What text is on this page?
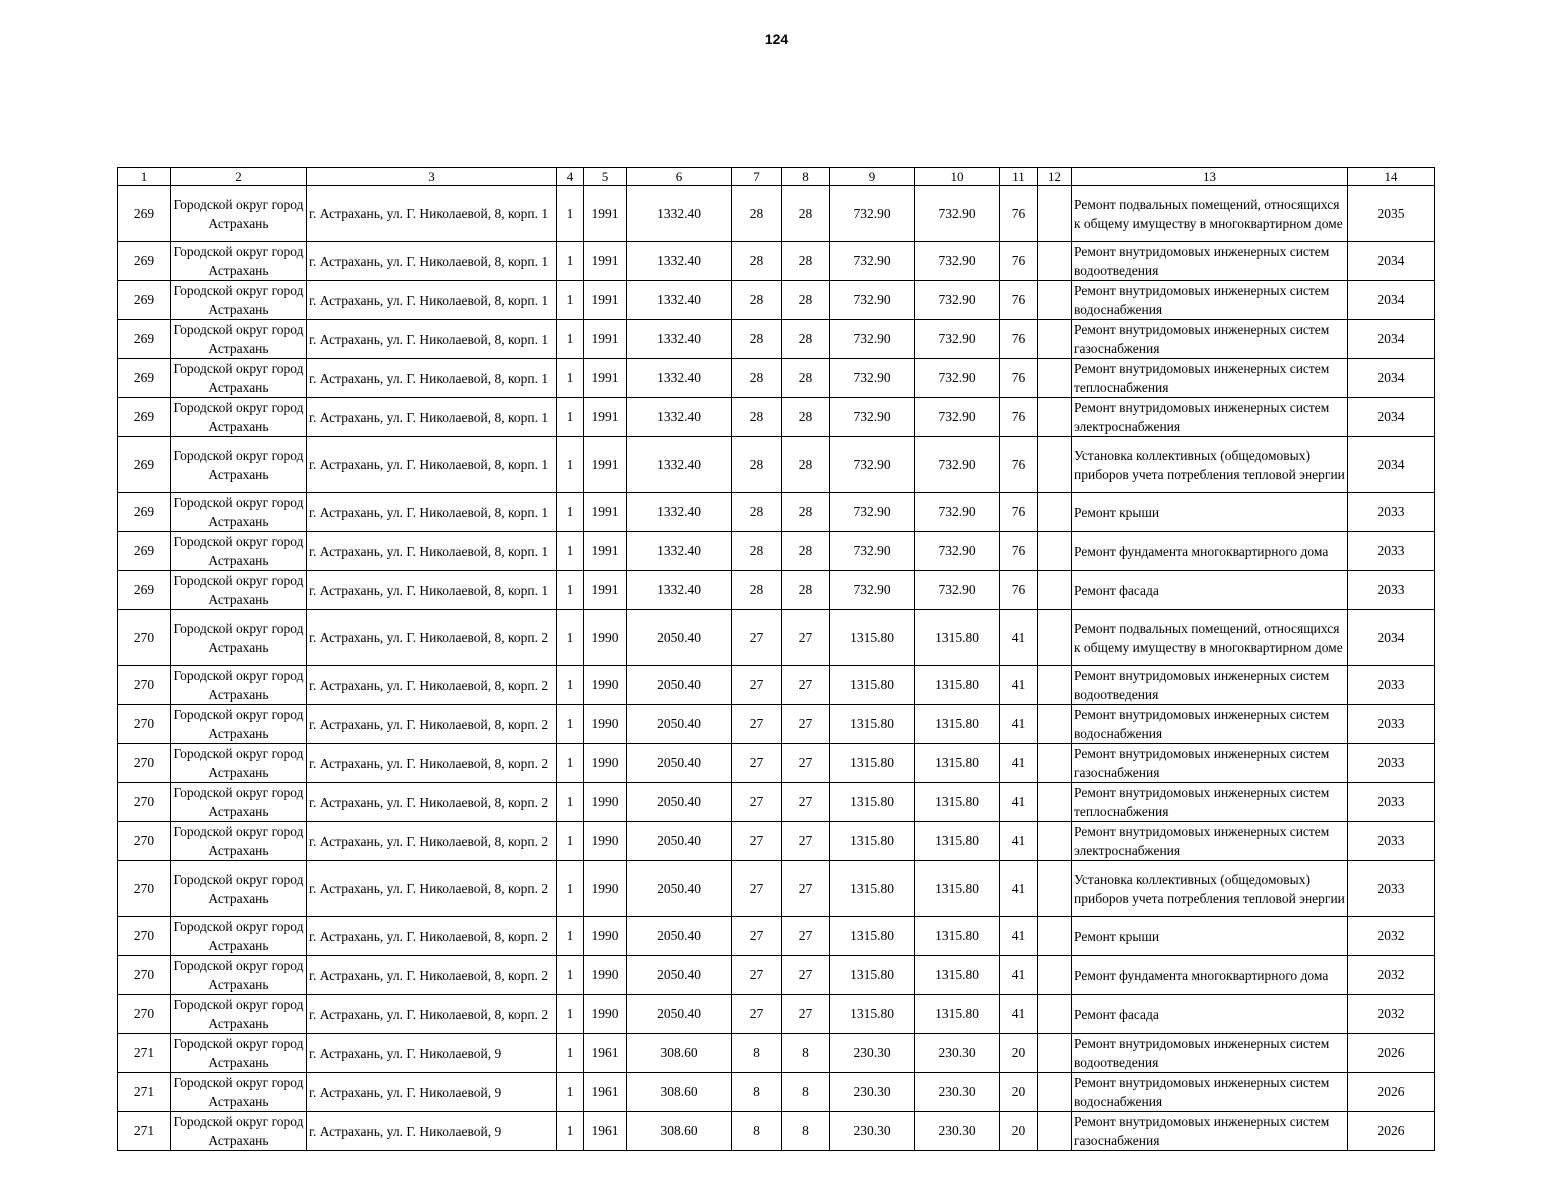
124
1	2	3	4	5	6	7	8	9	10	11	12	13	14
269	Городской округ город Астрахань	г. Астрахань, ул. Г. Николаевой, 8, корп. 1	1	1991	1332.40	28	28	732.90	732.90	76		Ремонт подвальных помещений, относящихся к общему имуществу в многоквартирном доме	2035
269	Городской округ город Астрахань	г. Астрахань, ул. Г. Николаевой, 8, корп. 1	1	1991	1332.40	28	28	732.90	732.90	76		Ремонт внутридомовых инженерных систем водоотведения	2034
269	Городской округ город Астрахань	г. Астрахань, ул. Г. Николаевой, 8, корп. 1	1	1991	1332.40	28	28	732.90	732.90	76		Ремонт внутридомовых инженерных систем водоснабжения	2034
269	Городской округ город Астрахань	г. Астрахань, ул. Г. Николаевой, 8, корп. 1	1	1991	1332.40	28	28	732.90	732.90	76		Ремонт внутридомовых инженерных систем газоснабжения	2034
269	Городской округ город Астрахань	г. Астрахань, ул. Г. Николаевой, 8, корп. 1	1	1991	1332.40	28	28	732.90	732.90	76		Ремонт внутридомовых инженерных систем теплоснабжения	2034
269	Городской округ город Астрахань	г. Астрахань, ул. Г. Николаевой, 8, корп. 1	1	1991	1332.40	28	28	732.90	732.90	76		Ремонт внутридомовых инженерных систем электроснабжения	2034
269	Городской округ город Астрахань	г. Астрахань, ул. Г. Николаевой, 8, корп. 1	1	1991	1332.40	28	28	732.90	732.90	76		Установка коллективных (общедомовых) приборов учета потребления тепловой энергии	2034
269	Городской округ город Астрахань	г. Астрахань, ул. Г. Николаевой, 8, корп. 1	1	1991	1332.40	28	28	732.90	732.90	76		Ремонт крыши	2033
269	Городской округ город Астрахань	г. Астрахань, ул. Г. Николаевой, 8, корп. 1	1	1991	1332.40	28	28	732.90	732.90	76		Ремонт фундамента многоквартирного дома	2033
269	Городской округ город Астрахань	г. Астрахань, ул. Г. Николаевой, 8, корп. 1	1	1991	1332.40	28	28	732.90	732.90	76		Ремонт фасада	2033
270	Городской округ город Астрахань	г. Астрахань, ул. Г. Николаевой, 8, корп. 2	1	1990	2050.40	27	27	1315.80	1315.80	41		Ремонт подвальных помещений, относящихся к общему имуществу в многоквартирном доме	2034
270	Городской округ город Астрахань	г. Астрахань, ул. Г. Николаевой, 8, корп. 2	1	1990	2050.40	27	27	1315.80	1315.80	41		Ремонт внутридомовых инженерных систем водоотведения	2033
270	Городской округ город Астрахань	г. Астрахань, ул. Г. Николаевой, 8, корп. 2	1	1990	2050.40	27	27	1315.80	1315.80	41		Ремонт внутридомовых инженерных систем водоснабжения	2033
270	Городской округ город Астрахань	г. Астрахань, ул. Г. Николаевой, 8, корп. 2	1	1990	2050.40	27	27	1315.80	1315.80	41		Ремонт внутридомовых инженерных систем газоснабжения	2033
270	Городской округ город Астрахань	г. Астрахань, ул. Г. Николаевой, 8, корп. 2	1	1990	2050.40	27	27	1315.80	1315.80	41		Ремонт внутридомовых инженерных систем теплоснабжения	2033
270	Городской округ город Астрахань	г. Астрахань, ул. Г. Николаевой, 8, корп. 2	1	1990	2050.40	27	27	1315.80	1315.80	41		Ремонт внутридомовых инженерных систем электроснабжения	2033
270	Городской округ город Астрахань	г. Астрахань, ул. Г. Николаевой, 8, корп. 2	1	1990	2050.40	27	27	1315.80	1315.80	41		Установка коллективных (общедомовых) приборов учета потребления тепловой энергии	2033
270	Городской округ город Астрахань	г. Астрахань, ул. Г. Николаевой, 8, корп. 2	1	1990	2050.40	27	27	1315.80	1315.80	41		Ремонт крыши	2032
270	Городской округ город Астрахань	г. Астрахань, ул. Г. Николаевой, 8, корп. 2	1	1990	2050.40	27	27	1315.80	1315.80	41		Ремонт фундамента многоквартирного дома	2032
270	Городской округ город Астрахань	г. Астрахань, ул. Г. Николаевой, 8, корп. 2	1	1990	2050.40	27	27	1315.80	1315.80	41		Ремонт фасада	2032
271	Городской округ город Астрахань	г. Астрахань, ул. Г. Николаевой, 9	1	1961	308.60	8	8	230.30	230.30	20		Ремонт внутридомовых инженерных систем водоотведения	2026
271	Городской округ город Астрахань	г. Астрахань, ул. Г. Николаевой, 9	1	1961	308.60	8	8	230.30	230.30	20		Ремонт внутридомовых инженерных систем водоснабжения	2026
271	Городской округ город Астрахань	г. Астрахань, ул. Г. Николаевой, 9	1	1961	308.60	8	8	230.30	230.30	20		Ремонт внутридомовых инженерных систем газоснабжения	2026
